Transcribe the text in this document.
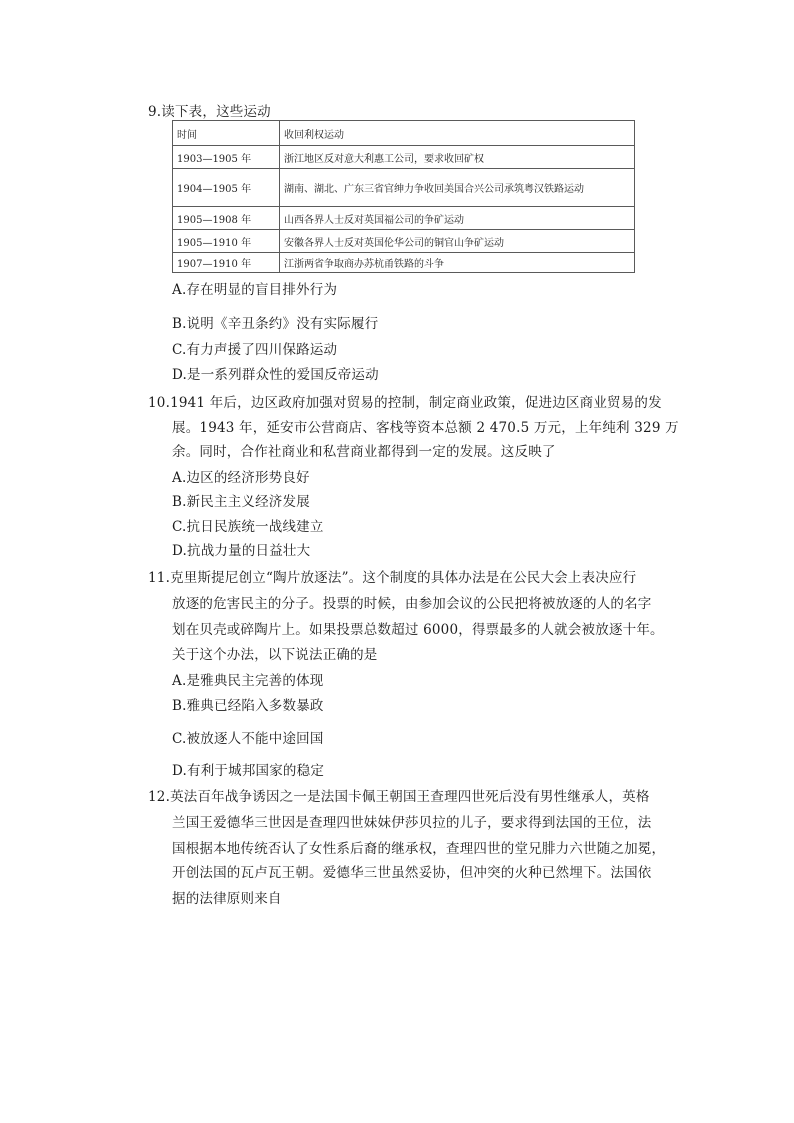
9.读下表，这些运动
时间	收回利权运动
1903—1905 年	浙江地区反对意大利惠工公司，要求收回矿权
1904—1905 年	湖南、湖北、广东三省官绅力争收回美国合兴公司承筑粤汉铁路运动
1905—1908 年	山西各界人士反对英国福公司的争矿运动
1905—1910 年	安徽各界人士反对英国伦华公司的铜官山争矿运动
1907—1910 年	江浙两省争取商办苏杭甬铁路的斗争
A.存在明显的盲目排外行为
B.说明《辛丑条约》没有实际履行
C.有力声援了四川保路运动
D.是一系列群众性的爱国反帝运动
10.1941 年后，边区政府加强对贸易的控制，制定商业政策，促进边区商业贸易的发
展。1943 年，延安市公营商店、客栈等资本总额 2 470.5 万元，上年纯利 329 万
余。同时，合作社商业和私营商业都得到一定的发展。这反映了
A.边区的经济形势良好
B.新民主主义经济发展
C.抗日民族统一战线建立
D.抗战力量的日益壮大
11.克里斯提尼创立“陶片放逐法”。这个制度的具体办法是在公民大会上表决应行
放逐的危害民主的分子。投票的时候，由参加会议的公民把将被放逐的人的名字
划在贝壳或碎陶片上。如果投票总数超过 6000，得票最多的人就会被放逐十年。
关于这个办法，以下说法正确的是
A.是雅典民主完善的体现
B.雅典已经陷入多数暴政
C.被放逐人不能中途回国
D.有利于城邦国家的稳定
12.英法百年战争诱因之一是法国卡佩王朝国王查理四世死后没有男性继承人，英格
兰国王爱德华三世因是查理四世妹妹伊莎贝拉的儿子，要求得到法国的王位，法
国根据本地传统否认了女性系后裔的继承权，查理四世的堂兄腓力六世随之加冕，
开创法国的瓦卢瓦王朝。爱德华三世虽然妥协，但冲突的火种已然埋下。法国依
据的法律原则来自
